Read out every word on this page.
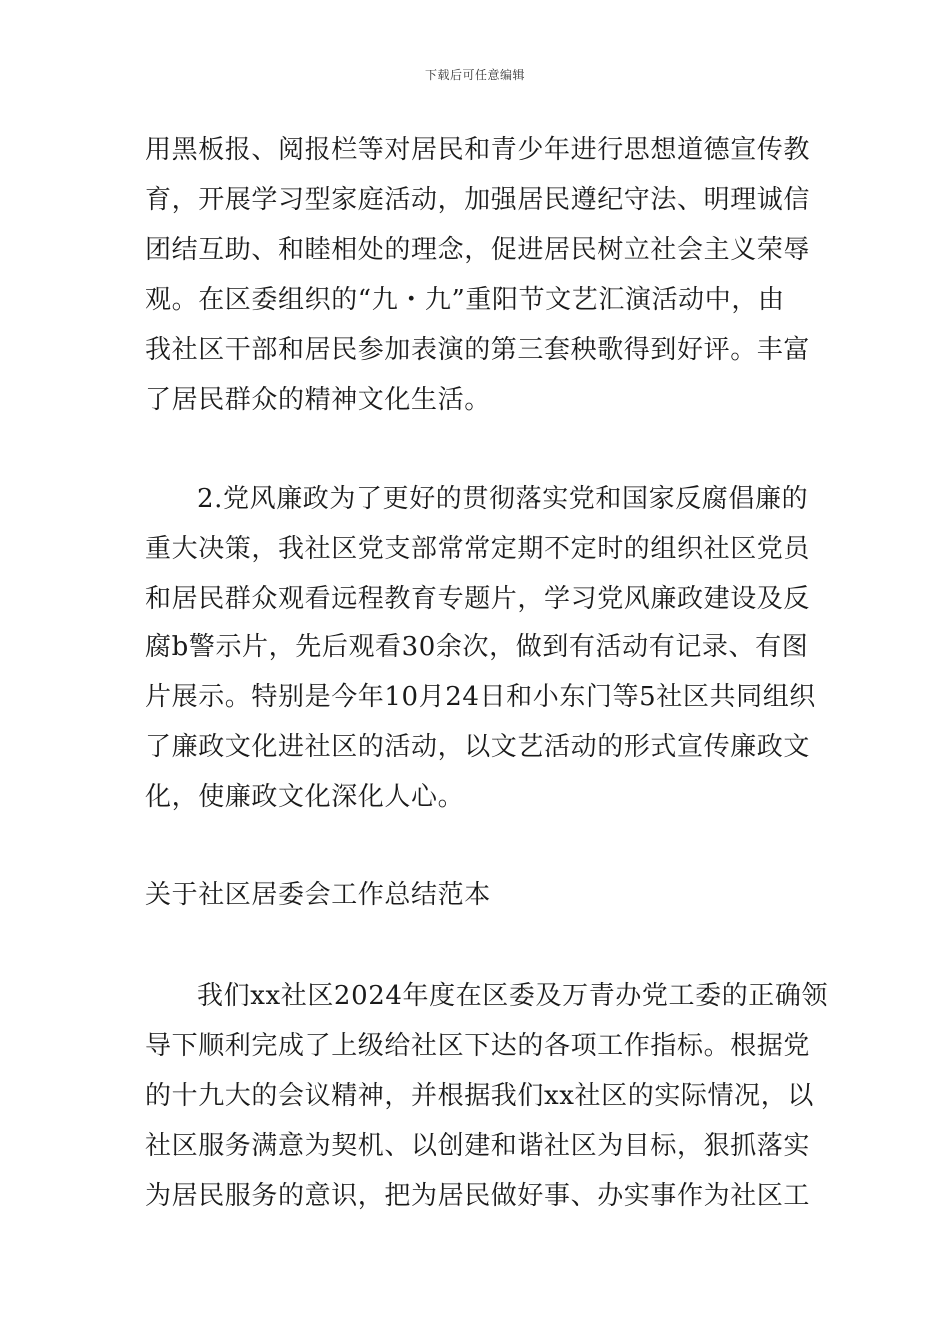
下载后可任意编辑
用黑板报、阅报栏等对居民和青少年进行思想道德宣传教
育，开展学习型家庭活动，加强居民遵纪守法、明理诚信
团结互助、和睦相处的理念，促进居民树立社会主义荣辱
观。在区委组织的“九・九”重阳节文艺汇演活动中，由
我社区干部和居民参加表演的第三套秧歌得到好评。丰富
了居民群众的精神文化生活。
2.党风廉政为了更好的贯彻落实党和国家反腐倡廉的
重大决策，我社区党支部常常定期不定时的组织社区党员
和居民群众观看远程教育专题片，学习党风廉政建设及反
腐b警示片，先后观看30余次，做到有活动有记录、有图
片展示。特别是今年10月24日和小东门等5社区共同组织
了廉政文化进社区的活动，以文艺活动的形式宣传廉政文
化，使廉政文化深化人心。
关于社区居委会工作总结范本
我们xx社区2024年度在区委及万青办党工委的正确领
导下顺利完成了上级给社区下达的各项工作指标。根据党
的十九大的会议精神，并根据我们xx社区的实际情况，以
社区服务满意为契机、以创建和谐社区为目标，狠抓落实
为居民服务的意识，把为居民做好事、办实事作为社区工
